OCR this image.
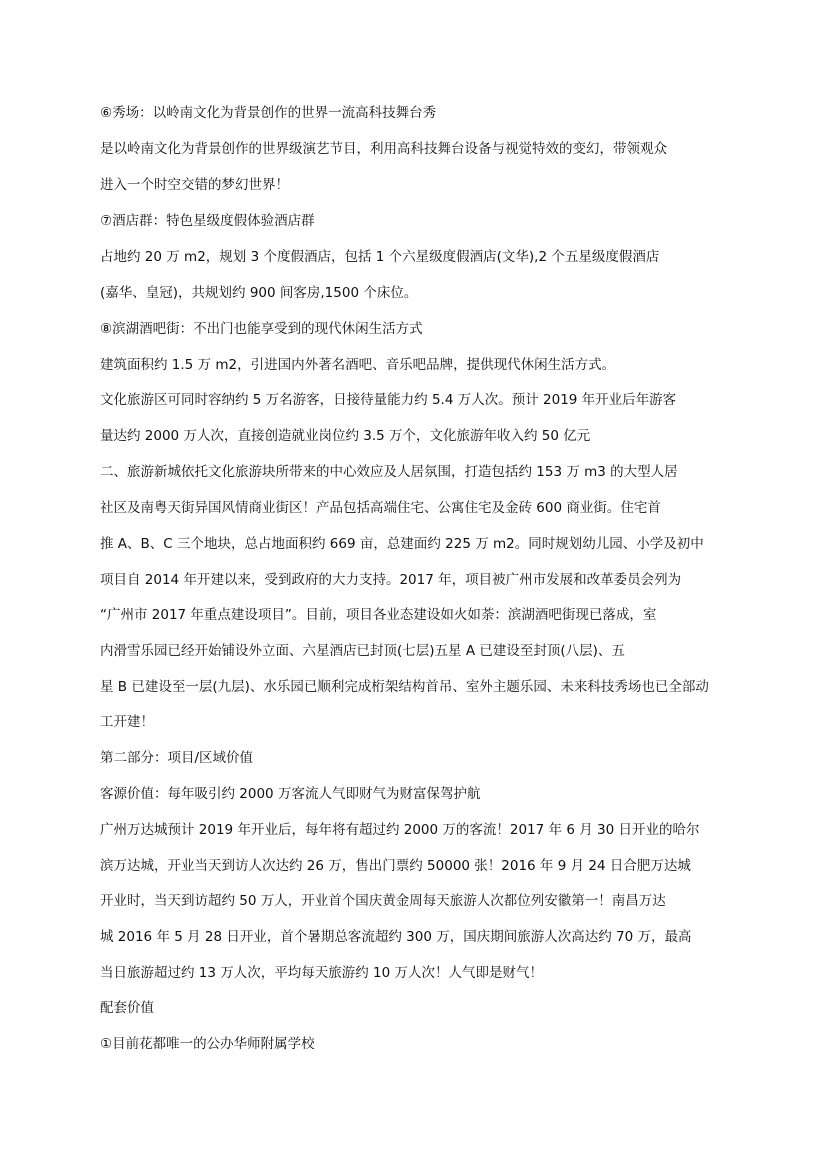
⑥秀场：以岭南文化为背景创作的世界一流高科技舞台秀
是以岭南文化为背景创作的世界级演艺节目，利用高科技舞台设备与视觉特效的变幻，带领观众
进入一个时空交错的梦幻世界！
⑦酒店群：特色星级度假体验酒店群
占地约 20 万 m2，规划 3 个度假酒店，包括 1 个六星级度假酒店(文华),2 个五星级度假酒店
(嘉华、皇冠)，共规划约 900 间客房,1500 个床位。
⑧滨湖酒吧街：不出门也能享受到的现代休闲生活方式
建筑面积约 1.5 万 m2，引进国内外著名酒吧、音乐吧品牌，提供现代休闲生活方式。
文化旅游区可同时容纳约 5 万名游客，日接待量能力约 5.4 万人次。预计 2019 年开业后年游客
量达约 2000 万人次，直接创造就业岗位约 3.5 万个，文化旅游年收入约 50 亿元
二、旅游新城依托文化旅游块所带来的中心效应及人居氛围，打造包括约 153 万 m3 的大型人居
社区及南粤天街异国风情商业街区！产品包括高端住宅、公寓住宅及金砖 600 商业街。住宅首
推 A、B、C 三个地块，总占地面积约 669 亩，总建面约 225 万 m2。同时规划幼儿园、小学及初中
项目自 2014 年开建以来，受到政府的大力支持。2017 年，项目被广州市发展和改革委员会列为
“广州市 2017 年重点建设项目”。目前，项目各业态建设如火如荼：滨湖酒吧街现已落成，室
内滑雪乐园已经开始铺设外立面、六星酒店已封顶(七层)五星 A 已建设至封顶(八层)、五
星 B 已建设至一层(九层)、水乐园已顺利完成桁架结构首吊、室外主题乐园、未来科技秀场也已全部动
工开建！
第二部分：项目/区域价值
客源价值：每年吸引约 2000 万客流人气即财气为财富保驾护航
广州万达城预计 2019 年开业后，每年将有超过约 2000 万的客流！2017 年 6 月 30 日开业的哈尔
滨万达城，开业当天到访人次达约 26 万，售出门票约 50000 张！2016 年 9 月 24 日合肥万达城
开业时，当天到访超约 50 万人，开业首个国庆黄金周每天旅游人次都位列安徽第一！南昌万达
城 2016 年 5 月 28 日开业，首个暑期总客流超约 300 万，国庆期间旅游人次高达约 70 万，最高
当日旅游超过约 13 万人次，平均每天旅游约 10 万人次！人气即是财气！
配套价值
①目前花都唯一的公办华师附属学校
